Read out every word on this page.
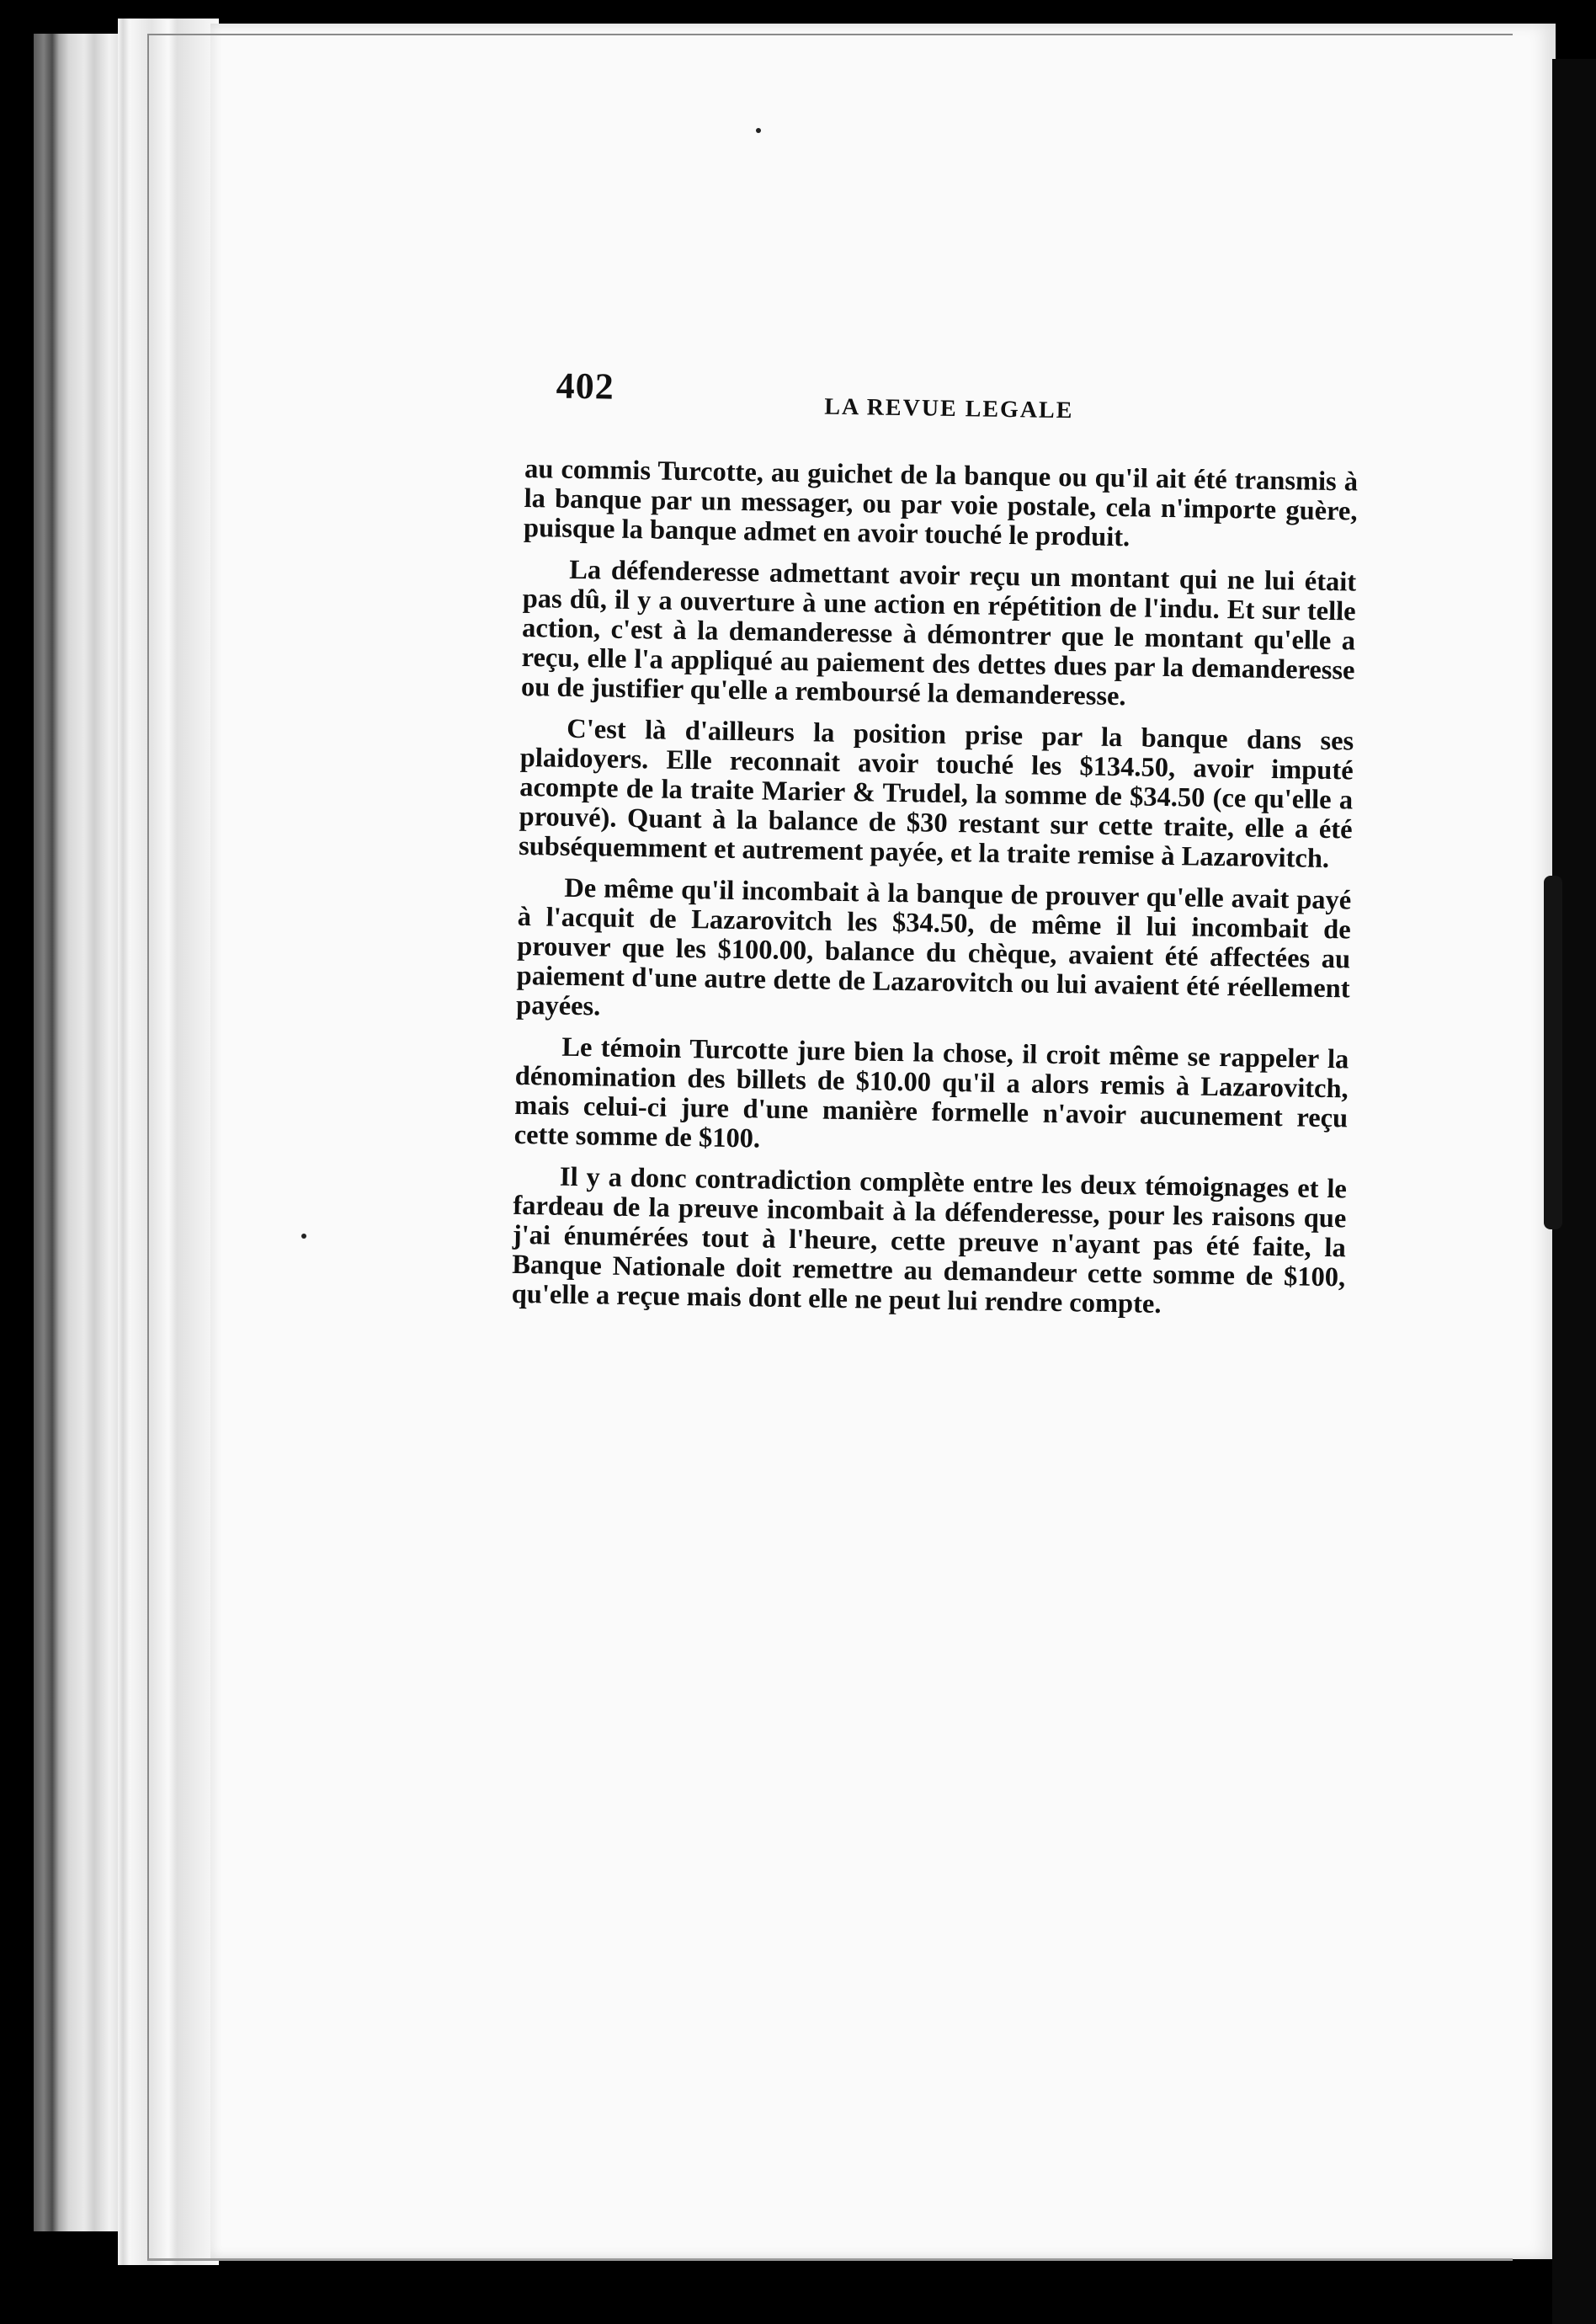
402
LA REVUE LEGALE

au commis Turcotte, au guichet de la banque ou qu'il ait été transmis à la banque par un messager, ou par voie postale, cela n'importe guère, puisque la banque admet en avoir touché le produit.

La défenderesse admettant avoir reçu un montant qui ne lui était pas dû, il y a ouverture à une action en répétition de l'indu. Et sur telle action, c'est à la demanderesse à démontrer que le montant qu'elle a reçu, elle l'a appliqué au paiement des dettes dues par la demanderesse ou de justifier qu'elle a remboursé la demanderesse.

C'est là d'ailleurs la position prise par la banque dans ses plaidoyers. Elle reconnait avoir touché les $134.50, avoir imputé acompte de la traite Marier & Trudel, la somme de $34.50 (ce qu'elle a prouvé). Quant à la balance de $30 restant sur cette traite, elle a été subséquemment et autrement payée, et la traite remise à Lazarovitch.

De même qu'il incombait à la banque de prouver qu'elle avait payé à l'acquit de Lazarovitch les $34.50, de même il lui incombait de prouver que les $100.00, balance du chèque, avaient été affectées au paiement d'une autre dette de Lazarovitch ou lui avaient été réellement payées.

Le témoin Turcotte jure bien la chose, il croit même se rappeler la dénomination des billets de $10.00 qu'il a alors remis à Lazarovitch, mais celui-ci jure d'une manière formelle n'avoir aucunement reçu cette somme de $100.

Il y a donc contradiction complète entre les deux témoignages et le fardeau de la preuve incombait à la défenderesse, pour les raisons que j'ai énumérées tout à l'heure, cette preuve n'ayant pas été faite, la Banque Nationale doit remettre au demandeur cette somme de $100, qu'elle a reçue mais dont elle ne peut lui rendre compte.
